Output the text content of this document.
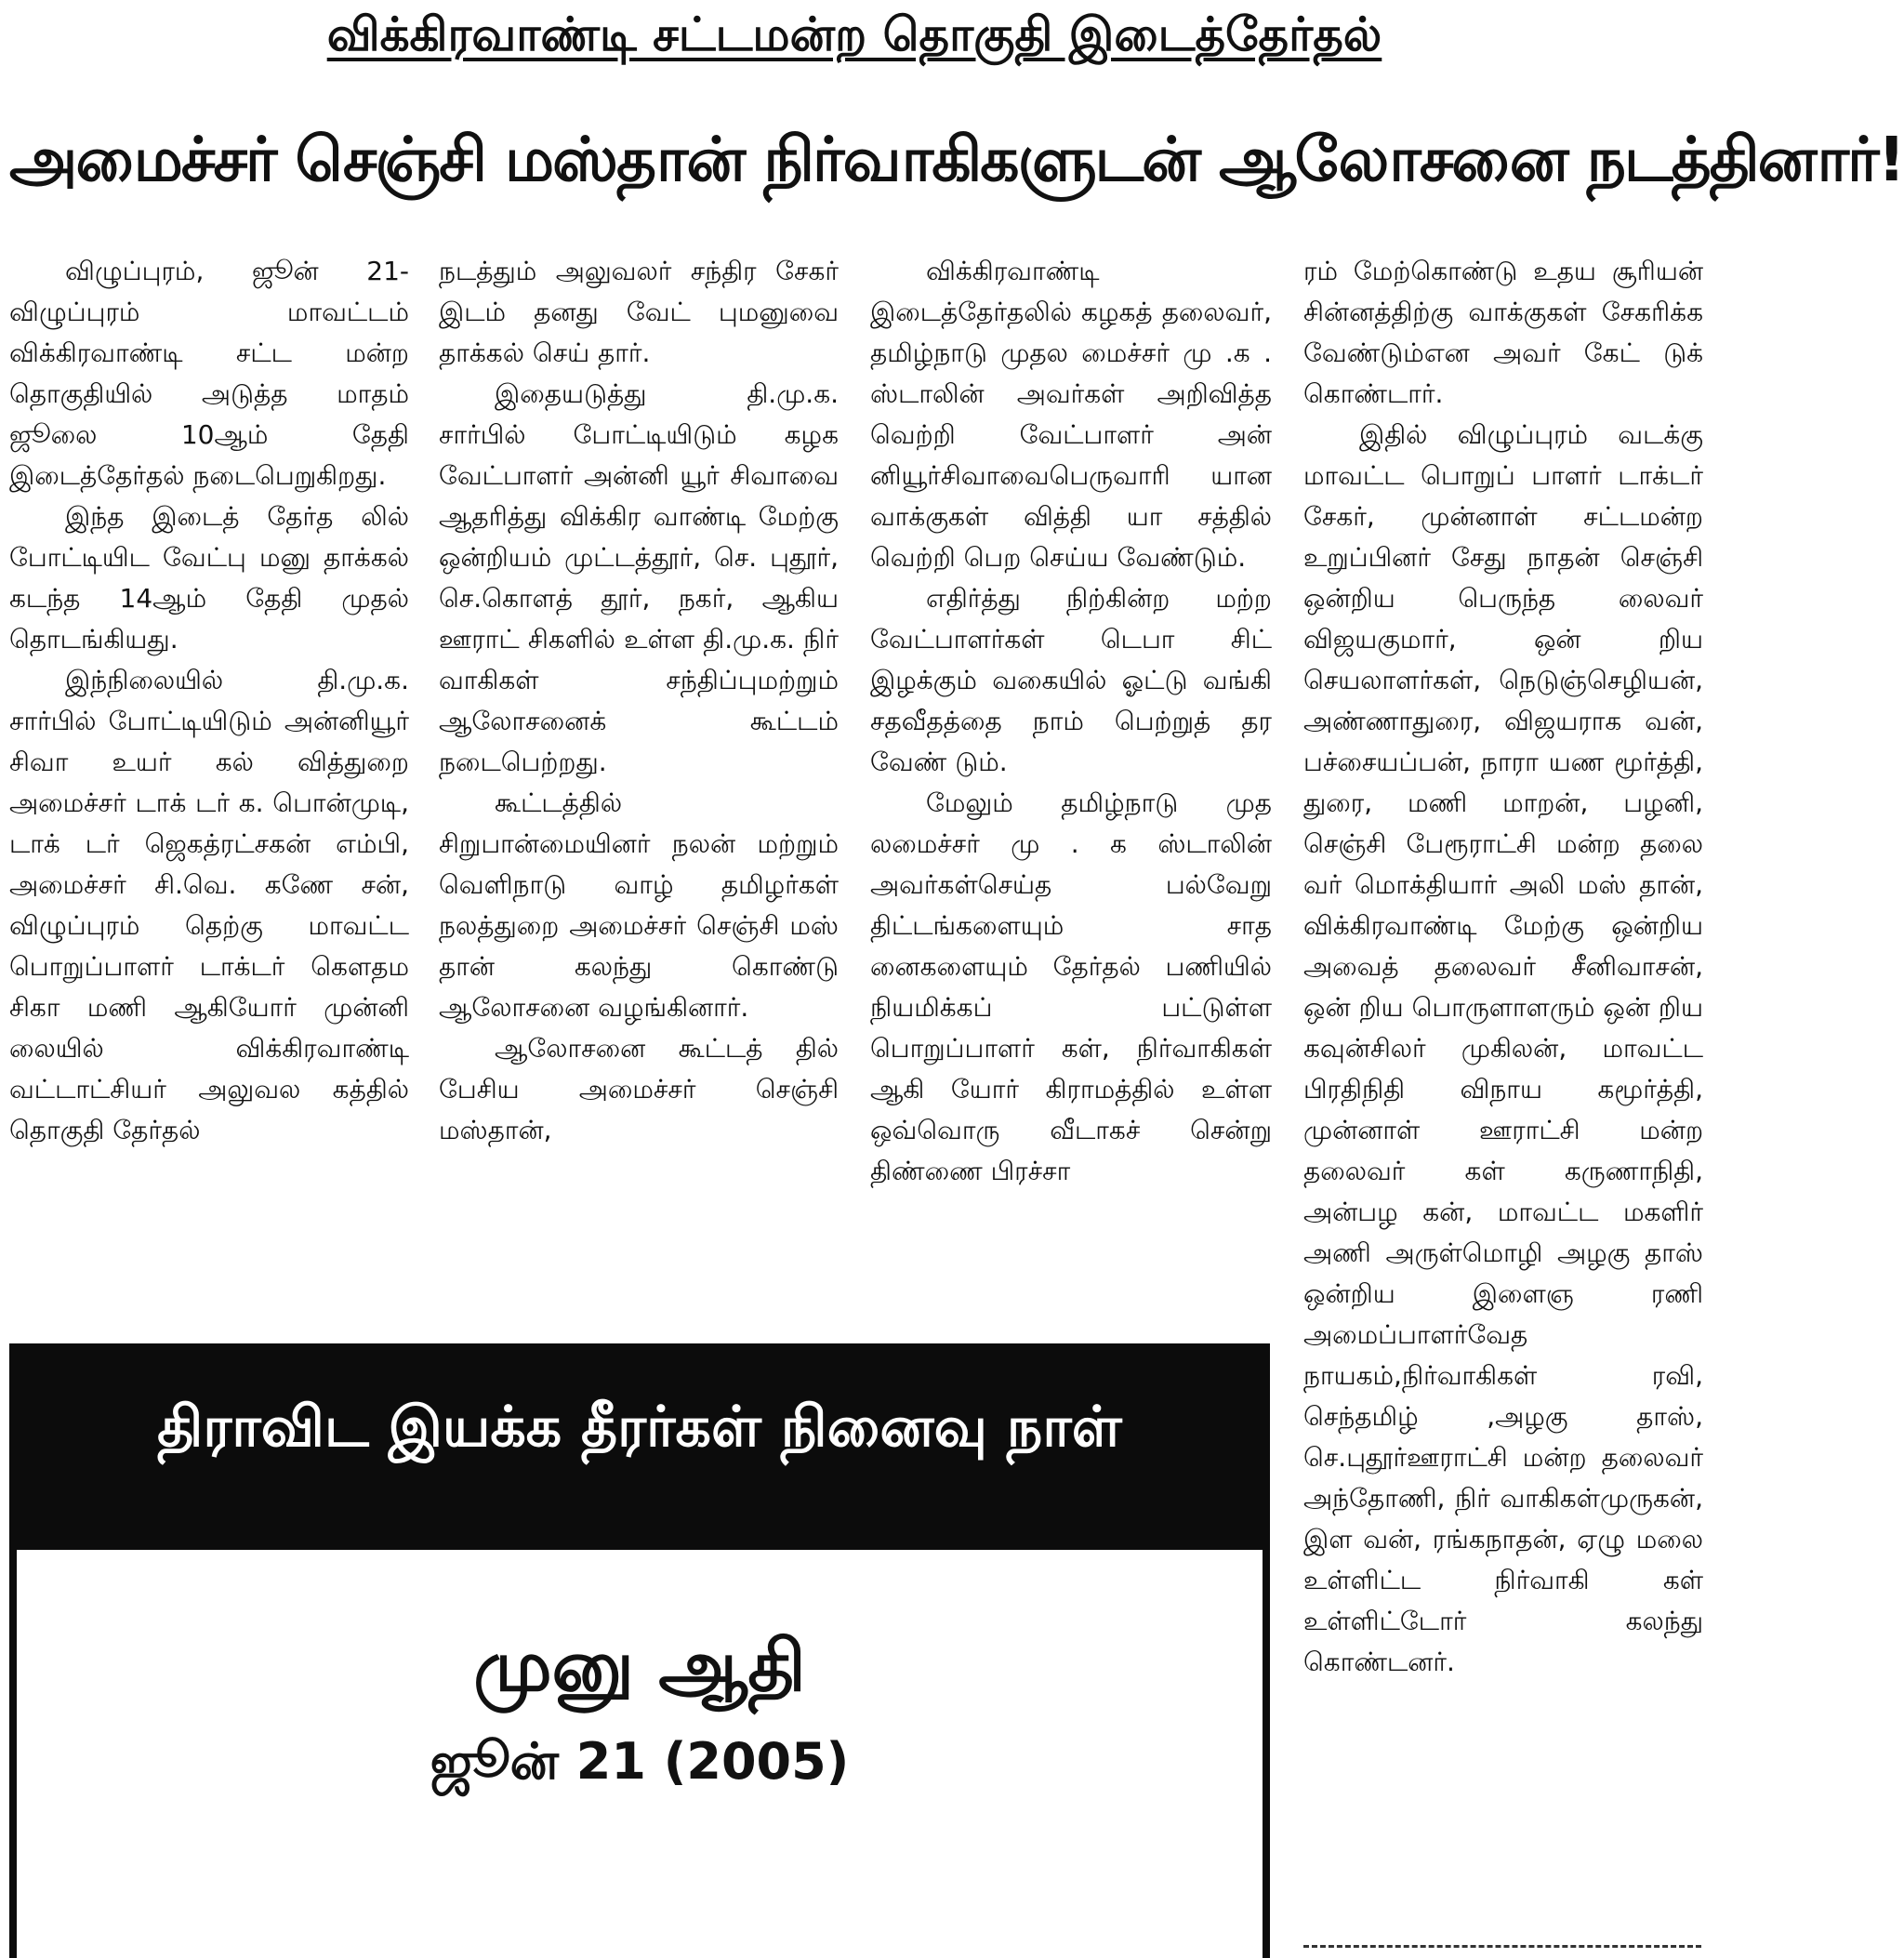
விக்கிரவாண்டி சட்டமன்ற தொகுதி இடைத்தேர்தல்
அமைச்சர் செஞ்சி மஸ்தான் நிர்வாகிகளுடன் ஆலோசனை நடத்தினார்!

விழுப்புரம், ஜூன் 21- விழுப்புரம் மாவட்டம் விக்கிரவாண்டி சட்ட மன்ற தொகுதியில் அடுத்த மாதம் ஜூலை 10ஆம் தேதி இடைத்தேர்தல் நடைபெறுகிறது.

இந்த இடைத் தேர்த லில் போட்டியிட வேட்பு மனு தாக்கல் கடந்த 14ஆம் தேதி முதல் தொடங்கியது.

இந்நிலையில் தி.மு.க. சார்பில் போட்டியிடும் அன்னியூர் சிவா உயர் கல் வித்துறை அமைச்சர் டாக் டர் க. பொன்முடி, டாக் டர் ஜெகத்ரட்சகன் எம்பி, அமைச்சர் சி.வெ. கணே சன், விழுப்புரம் தெற்கு மாவட்ட பொறுப்பாளர் டாக்டர் கௌதம சிகா மணி ஆகியோர் முன்னி லையில் விக்கிரவாண்டி வட்டாட்சியர் அலுவல கத்தில் தொகுதி தேர்தல்

நடத்தும் அலுவலர் சந்திர சேகர் இடம் தனது வேட் புமனுவை தாக்கல் செய் தார்.

இதையடுத்து தி.மு.க. சார்பில் போட்டியிடும் கழக வேட்பாளர் அன்னி யூர் சிவாவை ஆதரித்து விக்கிர வாண்டி மேற்கு ஒன்றியம் முட்டத்தூர், செ. புதூர், செ.கொளத் தூர், நகர், ஆகிய ஊராட் சிகளில் உள்ள தி.மு.க. நிர் வாகிகள் சந்திப்புமற்றும் ஆலோசனைக் கூட்டம் நடைபெற்றது.

கூட்டத்தில் சிறுபான்மையினர் நலன் மற்றும் வெளிநாடு வாழ் தமிழர்கள் நலத்துறை அமைச்சர் செஞ்சி மஸ் தான் கலந்து கொண்டு ஆலோசனை வழங்கினார்.

ஆலோசனை கூட்டத் தில் பேசிய அமைச்சர் செஞ்சி மஸ்தான்,

விக்கிரவாண்டி இடைத்தேர்தலில் கழகத் தலைவர், தமிழ்நாடு முதல மைச்சர் மு .க . ஸ்டாலின் அவர்கள் அறிவித்த வெற்றி வேட்பாளர் அன் னியூர்சிவாவைபெருவாரி யான வாக்குகள் வித்தி யா சத்தில் வெற்றி பெற செய்ய வேண்டும்.

எதிர்த்து நிற்கின்ற மற்ற வேட்பாளர்கள் டெபா சிட் இழக்கும் வகையில் ஓட்டு வங்கி சதவீதத்தை நாம் பெற்றுத் தர வேண் டும்.

மேலும் தமிழ்நாடு முத லமைச்சர் மு . க ஸ்டாலின் அவர்கள்செய்த பல்வேறு திட்டங்களையும் சாத னைகளையும் தேர்தல் பணியில் நியமிக்கப் பட்டுள்ள பொறுப்பாளர் கள், நிர்வாகிகள் ஆகி யோர் கிராமத்தில் உள்ள ஒவ்வொரு வீடாகச் சென்று திண்ணை பிரச்சா

ரம் மேற்கொண்டு உதய சூரியன் சின்னத்திற்கு வாக்குகள் சேகரிக்க வேண்டும்என அவர் கேட் டுக் கொண்டார்.

இதில் விழுப்புரம் வடக்கு மாவட்ட பொறுப் பாளர் டாக்டர் சேகர், முன்னாள் சட்டமன்ற உறுப்பினர் சேது நாதன் செஞ்சி ஒன்றிய பெருந்த லைவர் விஜயகுமார், ஒன் றிய செயலாளர்கள், நெடுஞ்செழியன், அண்ணாதுரை, விஜயராக வன், பச்சையப்பன், நாரா யண மூர்த்தி, துரை, மணி மாறன், பழனி, செஞ்சி பேரூராட்சி மன்ற தலை வர் மொக்தியார் அலி மஸ் தான், விக்கிரவாண்டி மேற்கு ஒன்றிய அவைத் தலைவர் சீனிவாசன், ஒன் றிய பொருளாளரும் ஒன் றிய கவுன்சிலர் முகிலன், மாவட்ட பிரதிநிதி விநாய கமூர்த்தி, முன்னாள் ஊராட்சி மன்ற தலைவர் கள் கருணாநிதி, அன்பழ கன், மாவட்ட மகளிர் அணி அருள்மொழி அழகு தாஸ் ஒன்றிய இளைஞ ரணி அமைப்பாளர்வேத நாயகம்,நிர்வாகிகள் ரவி, செந்தமிழ் ,அழகு தாஸ், செ.புதூர்ஊராட்சி மன்ற தலைவர் அந்தோணி, நிர் வாகிகள்முருகன், இள வன், ரங்கநாதன், ஏழு மலை உள்ளிட்ட நிர்வாகி கள் உள்ளிட்டோர் கலந்து கொண்டனர்.

திராவிட இயக்க தீரர்கள் நினைவு நாள்
முனு ஆதி
ஜூன் 21 (2005)
